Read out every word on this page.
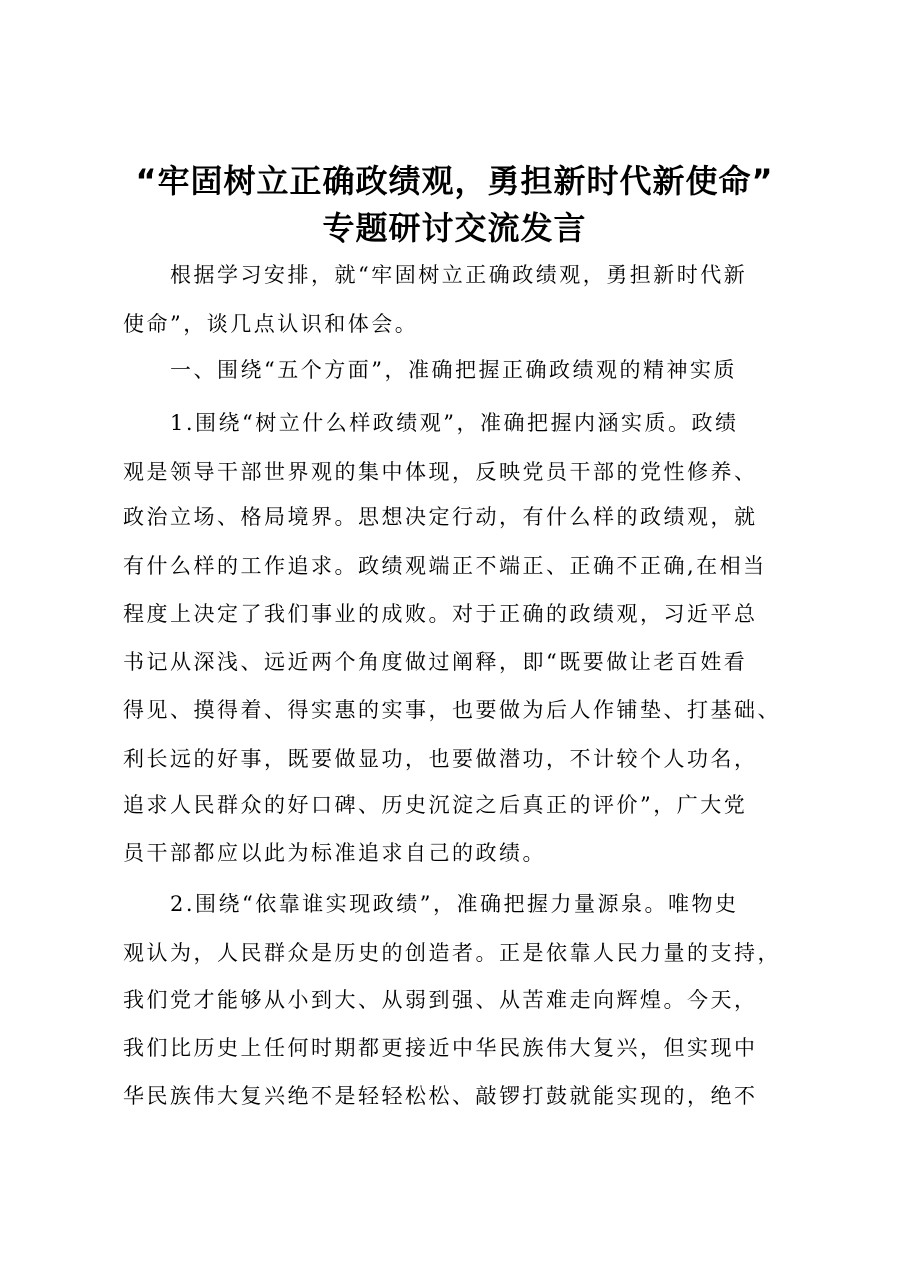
“牢固树立正确政绩观，勇担新时代新使命”
专题研讨交流发言
　　根据学习安排，就“牢固树立正确政绩观，勇担新时代新
使命”，谈几点认识和体会。
　　一、围绕“五个方面”，准确把握正确政绩观的精神实质
　　1.围绕“树立什么样政绩观”，准确把握内涵实质。政绩
观是领导干部世界观的集中体现，反映党员干部的党性修养、
政治立场、格局境界。思想决定行动，有什么样的政绩观，就
有什么样的工作追求。政绩观端正不端正、正确不正确,在相当
程度上决定了我们事业的成败。对于正确的政绩观，习近平总
书记从深浅、远近两个角度做过阐释，即“既要做让老百姓看
得见、摸得着、得实惠的实事，也要做为后人作铺垫、打基础、
利长远的好事，既要做显功，也要做潜功，不计较个人功名，
追求人民群众的好口碑、历史沉淀之后真正的评价”，广大党
员干部都应以此为标准追求自己的政绩。
　　2.围绕“依靠谁实现政绩”，准确把握力量源泉。唯物史
观认为，人民群众是历史的创造者。正是依靠人民力量的支持，
我们党才能够从小到大、从弱到强、从苦难走向辉煌。今天，
我们比历史上任何时期都更接近中华民族伟大复兴，但实现中
华民族伟大复兴绝不是轻轻松松、敲锣打鼓就能实现的，绝不
